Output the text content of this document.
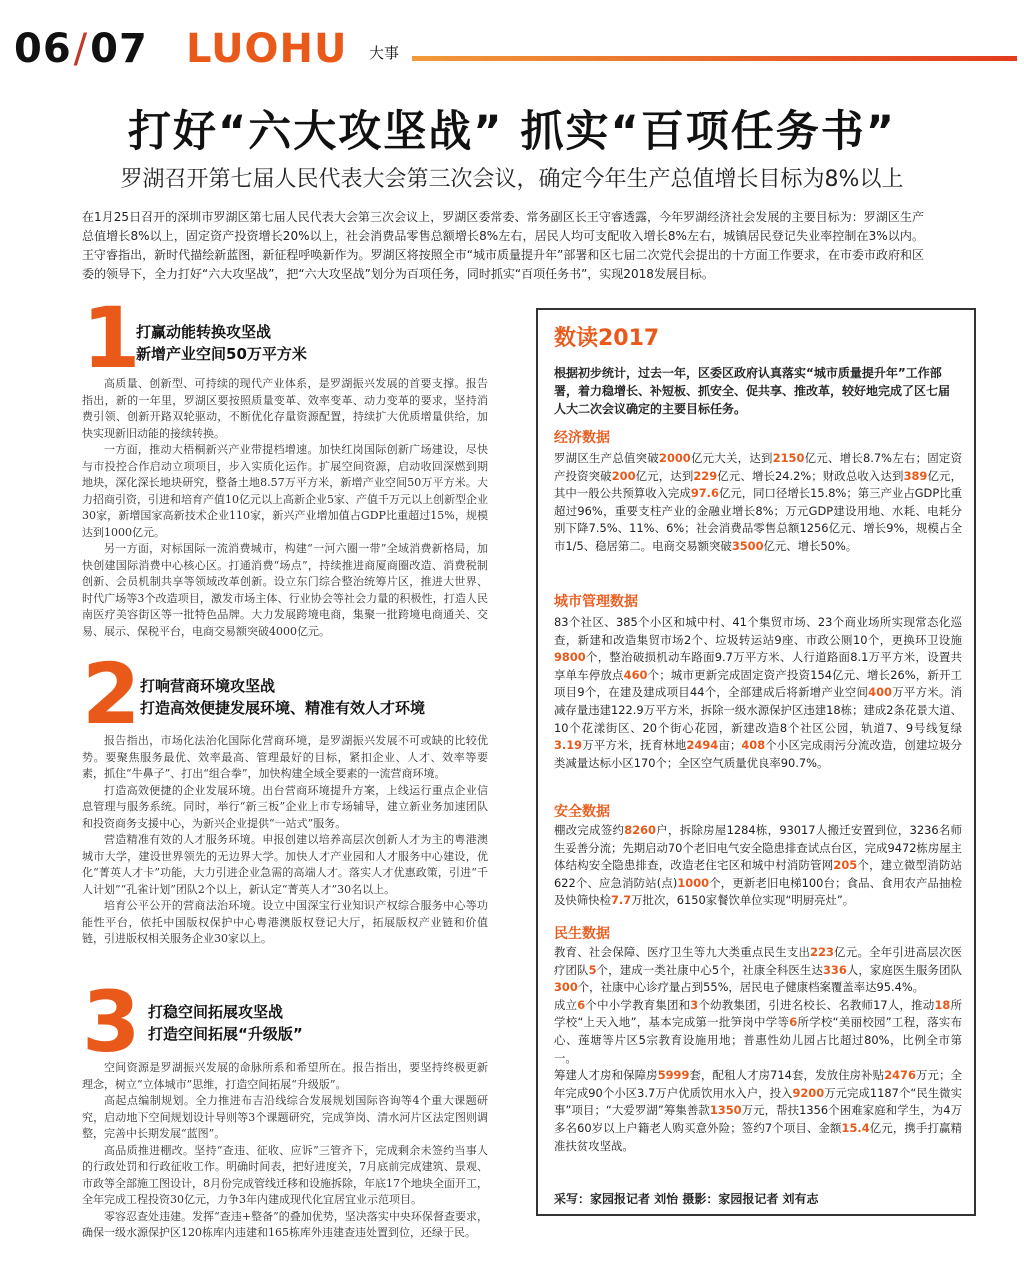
06/07 LUOHU 大事
打好“六大攻坚战” 抓实“百项任务书”
罗湖召开第七届人民代表大会第三次会议，确定今年生产总值增长目标为8%以上
在1月25日召开的深圳市罗湖区第七届人民代表大会第三次会议上，罗湖区委常委、常务副区长王守睿透露，今年罗湖经济社会发展的主要目标为：罗湖区生产总值增长8%以上，固定资产投资增长20%以上，社会消费品零售总额增长8%左右，居民人均可支配收入增长8%左右，城镇居民登记失业率控制在3%以内。王守睿指出，新时代描绘新蓝图，新征程呼唤新作为。罗湖区将按照全市“城市质量提升年”部署和区七届二次党代会提出的十方面工作要求，在市委市政府和区委的领导下，全力打好“六大攻坚战”，把“六大攻坚战”划分为百项任务，同时抓实“百项任务书”，实现2018发展目标。
1
打赢动能转换攻坚战
新增产业空间50万平方米

高质量、创新型、可持续的现代产业体系，是罗湖振兴发展的首要支撑。报告指出，新的一年里，罗湖区要按照质量变革、效率变革、动力变革的要求，坚持消费引领、创新开路双轮驱动，不断优化存量资源配置，持续扩大优质增量供给，加快实现新旧动能的接续转换。

一方面，推动大梧桐新兴产业带提档增速。加快红岗国际创新广场建设，尽快与市投控合作启动立项项目，步入实质化运作。扩展空间资源，启动收回深燃到期地块，深化深长地块研究，整备土地8.57万平方米，新增产业空间50万平方米。大力招商引资，引进和培育产值10亿元以上高新企业5家、产值千万元以上创新型企业30家，新增国家高新技术企业110家，新兴产业增加值占GDP比重超过15%，规模达到1000亿元。

另一方面，对标国际一流消费城市，构建“一河六圈一带”全域消费新格局，加快创建国际消费中心核心区。打通消费“场点”，持续推进商厦商圈改造、消费税制创新、会员机制共享等领域改革创新。设立东门综合整治统筹片区，推进大世界、时代广场等3个改造项目，激发市场主体、行业协会等社会力量的积极性，打造人民南医疗美容街区等一批特色品牌。大力发展跨境电商，集聚一批跨境电商通关、交易、展示、保税平台，电商交易额突破4000亿元。

2 打响营商环境攻坚战
打造高效便捷发展环境、精准有效人才环境

报告指出，市场化法治化国际化营商环境，是罗湖振兴发展不可或缺的比较优势。要聚焦服务最优、效率最高、管理最好的目标，紧扣企业、人才、效率等要素，抓住“牛鼻子”、打出“组合拳”，加快构建全域全要素的一流营商环境。

打造高效便捷的企业发展环境。出台营商环境提升方案，上线运行重点企业信息管理与服务系统。同时，举行“新三板”企业上市专场辅导，建立新业务加速团队和投资商务支援中心，为新兴企业提供“一站式”服务。

营造精准有效的人才服务环境。申报创建以培养高层次创新人才为主的粤港澳城市大学，建设世界领先的无边界大学。加快人才产业园和人才服务中心建设，优化“菁英人才卡”功能，大力引进企业急需的高端人才。落实人才优惠政策，引进“千人计划”“孔雀计划”团队2个以上，新认定“菁英人才”30名以上。

培育公平公开的营商法治环境。设立中国深宝行业知识产权综合服务中心等功能性平台，依托中国版权保护中心粤港澳版权登记大厅，拓展版权产业链和价值链，引进版权相关服务企业30家以上。

3 打稳空间拓展攻坚战
打造空间拓展“升级版”

空间资源是罗湖振兴发展的命脉所系和希望所在。报告指出，要坚持终极更新理念，树立“立体城市”思维，打造空间拓展“升级版”。

高起点编制规划。全力推进布吉沿线综合发展规划国际咨询等4个重大课题研究，启动地下空间规划设计导则等3个课题研究，完成笋岗、清水河片区法定图则调整，完善中长期发展“蓝图”。

高品质推进棚改。坚持“查违、征收、应诉”三管齐下，完成剩余未签约当事人的行政处罚和行政征收工作。明确时间表，把好进度关，7月底前完成建筑、景观、市政等全部施工图设计，8月份完成管线迁移和设施拆除，年底17个地块全面开工，全年完成工程投资30亿元，力争3年内建成现代化宜居宜业示范项目。

零容忍查处违建。发挥“查违+整备”的叠加优势，坚决落实中央环保督查要求，确保一级水源保护区120栋库内违建和165栋库外违建查违处置到位，还绿于民。

数读2017
根据初步统计，过去一年，区委区政府认真落实“城市质量提升年”工作部署，着力稳增长、补短板、抓安全、促共享、推改革，较好地完成了区七届人大二次会议确定的主要目标任务。
经济数据
罗湖区生产总值突破2000亿元大关，达到2150亿元、增长8.7%左右；固定资产投资突破200亿元，达到229亿元、增长24.2%；财政总收入达到389亿元，其中一般公共预算收入完成97.6亿元，同口径增长15.8%；第三产业占GDP比重超过96%，重要支柱产业的金融业增长8%；万元GDP建设用地、水耗、电耗分别下降7.5%、11%、6%；社会消费品零售总额1256亿元、增长9%，规模占全市1/5、稳居第二。电商交易额突破3500亿元、增长50%。
城市管理数据
83个社区、385个小区和城中村、41个集贸市场、23个商业场所实现常态化巡查，新建和改造集贸市场2个、垃圾转运站9座、市政公厕10个，更换环卫设施9800个，整治破损机动车路面9.7万平方米、人行道路面8.1万平方米，设置共享单车停放点460个；城市更新完成固定资产投资154亿元、增长26%，新开工项目9个，在建及建成项目44个，全部建成后将新增产业空间400万平方米。消减存量违建122.9万平方米，拆除一级水源保护区违建18栋；建成2条花景大道、10个花漾街区、20个街心花园，新建改造8个社区公园，轨道7、9号线复绿3.19万平方米，抚育林地2494亩；408个小区完成雨污分流改造，创建垃圾分类减量达标小区170个；全区空气质量优良率90.7%。
安全数据
棚改完成签约8260户，拆除房屋1284栋，93017人搬迁安置到位，3236名师生妥善分流；先期启动70个老旧电气安全隐患排查试点台区，完成9472栋房屋主体结构安全隐患排查，改造老住宅区和城中村消防管网205个，建立微型消防站622个、应急消防站(点)1000个，更新老旧电梯100台；食品、食用农产品抽检及快筛快检7.7万批次，6150家餐饮单位实现“明厨亮灶”。
民生数据
教育、社会保障、医疗卫生等九大类重点民生支出223亿元。全年引进高层次医疗团队5个，建成一类社康中心5个，社康全科医生达336人，家庭医生服务团队300个，社康中心诊疗量占到55%，居民电子健康档案覆盖率达95.4%。
成立6个中小学教育集团和3个幼教集团，引进名校长、名教师17人，推动18所学校“上天入地”，基本完成第一批笋岗中学等6所学校“美丽校园”工程，落实布心、莲塘等片区5宗教育设施用地；普惠性幼儿园占比超过80%，比例全市第一。
筹建人才房和保障房5999套，配租人才房714套，发放住房补贴2476万元；全年完成90个小区3.7万户优质饮用水入户，投入9200万元完成1187个“民生微实事”项目；“大爱罗湖”筹集善款1350万元，帮扶1356个困难家庭和学生，为4万多名60岁以上户籍老人购买意外险；签约7个项目、金额15.4亿元，携手打赢精准扶贫攻坚战。
采写：家园报记者 刘怡 摄影：家园报记者 刘有志
